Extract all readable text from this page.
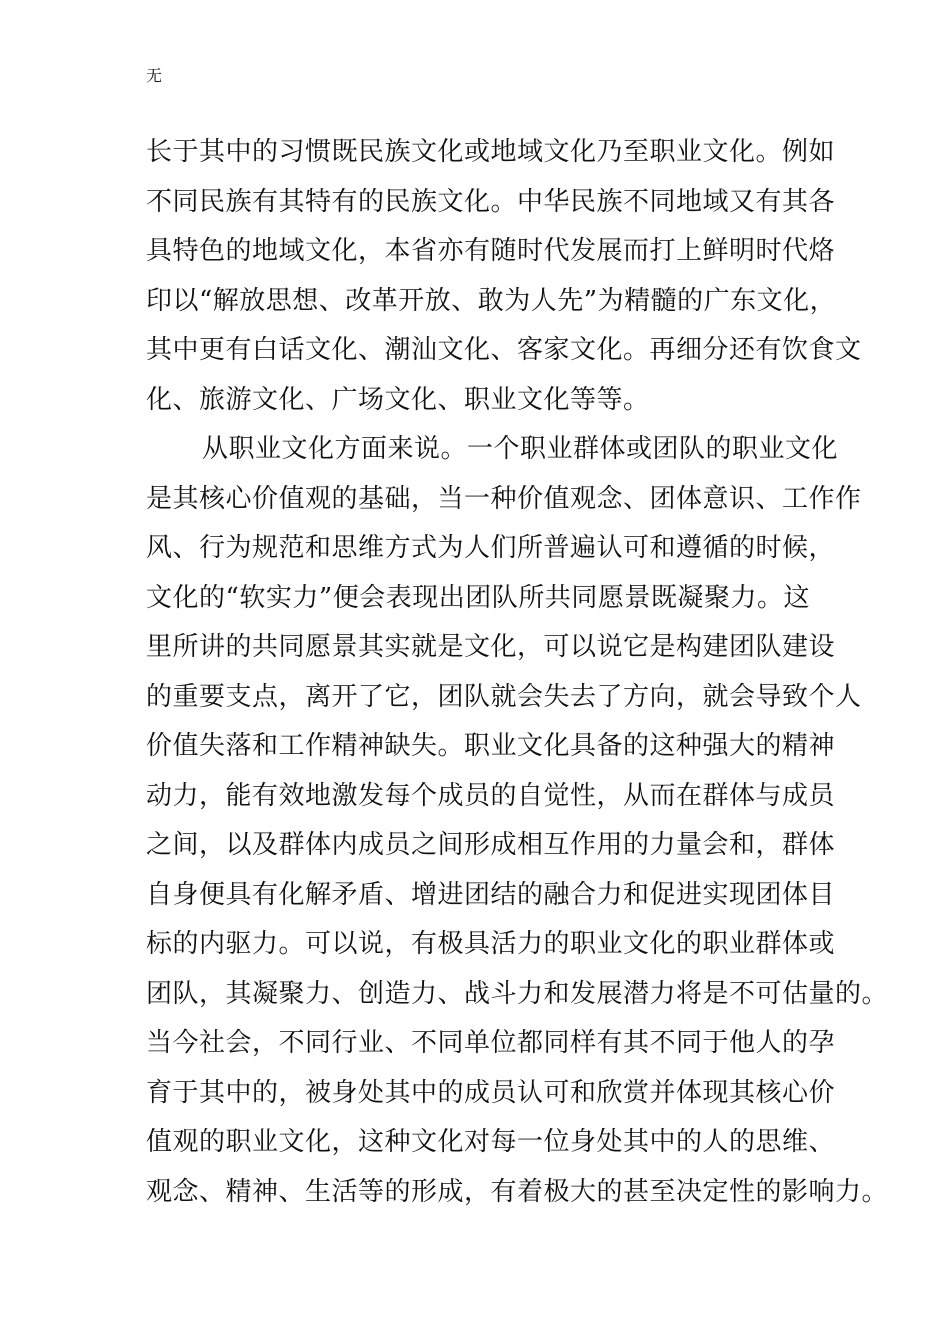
无
长于其中的习惯既民族文化或地域文化乃至职业文化。例如
不同民族有其特有的民族文化。中华民族不同地域又有其各
具特色的地域文化，本省亦有随时代发展而打上鲜明时代烙
印以“解放思想、改革开放、敢为人先”为精髓的广东文化，
其中更有白话文化、潮汕文化、客家文化。再细分还有饮食文
化、旅游文化、广场文化、职业文化等等。
从职业文化方面来说。一个职业群体或团队的职业文化
是其核心价值观的基础，当一种价值观念、团体意识、工作作
风、行为规范和思维方式为人们所普遍认可和遵循的时候，
文化的“软实力”便会表现出团队所共同愿景既凝聚力。这
里所讲的共同愿景其实就是文化，可以说它是构建团队建设
的重要支点，离开了它，团队就会失去了方向，就会导致个人
价值失落和工作精神缺失。职业文化具备的这种强大的精神
动力，能有效地激发每个成员的自觉性，从而在群体与成员
之间，以及群体内成员之间形成相互作用的力量会和，群体
自身便具有化解矛盾、增进团结的融合力和促进实现团体目
标的内驱力。可以说，有极具活力的职业文化的职业群体或
团队，其凝聚力、创造力、战斗力和发展潜力将是不可估量的。
当今社会，不同行业、不同单位都同样有其不同于他人的孕
育于其中的，被身处其中的成员认可和欣赏并体现其核心价
值观的职业文化，这种文化对每一位身处其中的人的思维、
观念、精神、生活等的形成，有着极大的甚至决定性的影响力。
